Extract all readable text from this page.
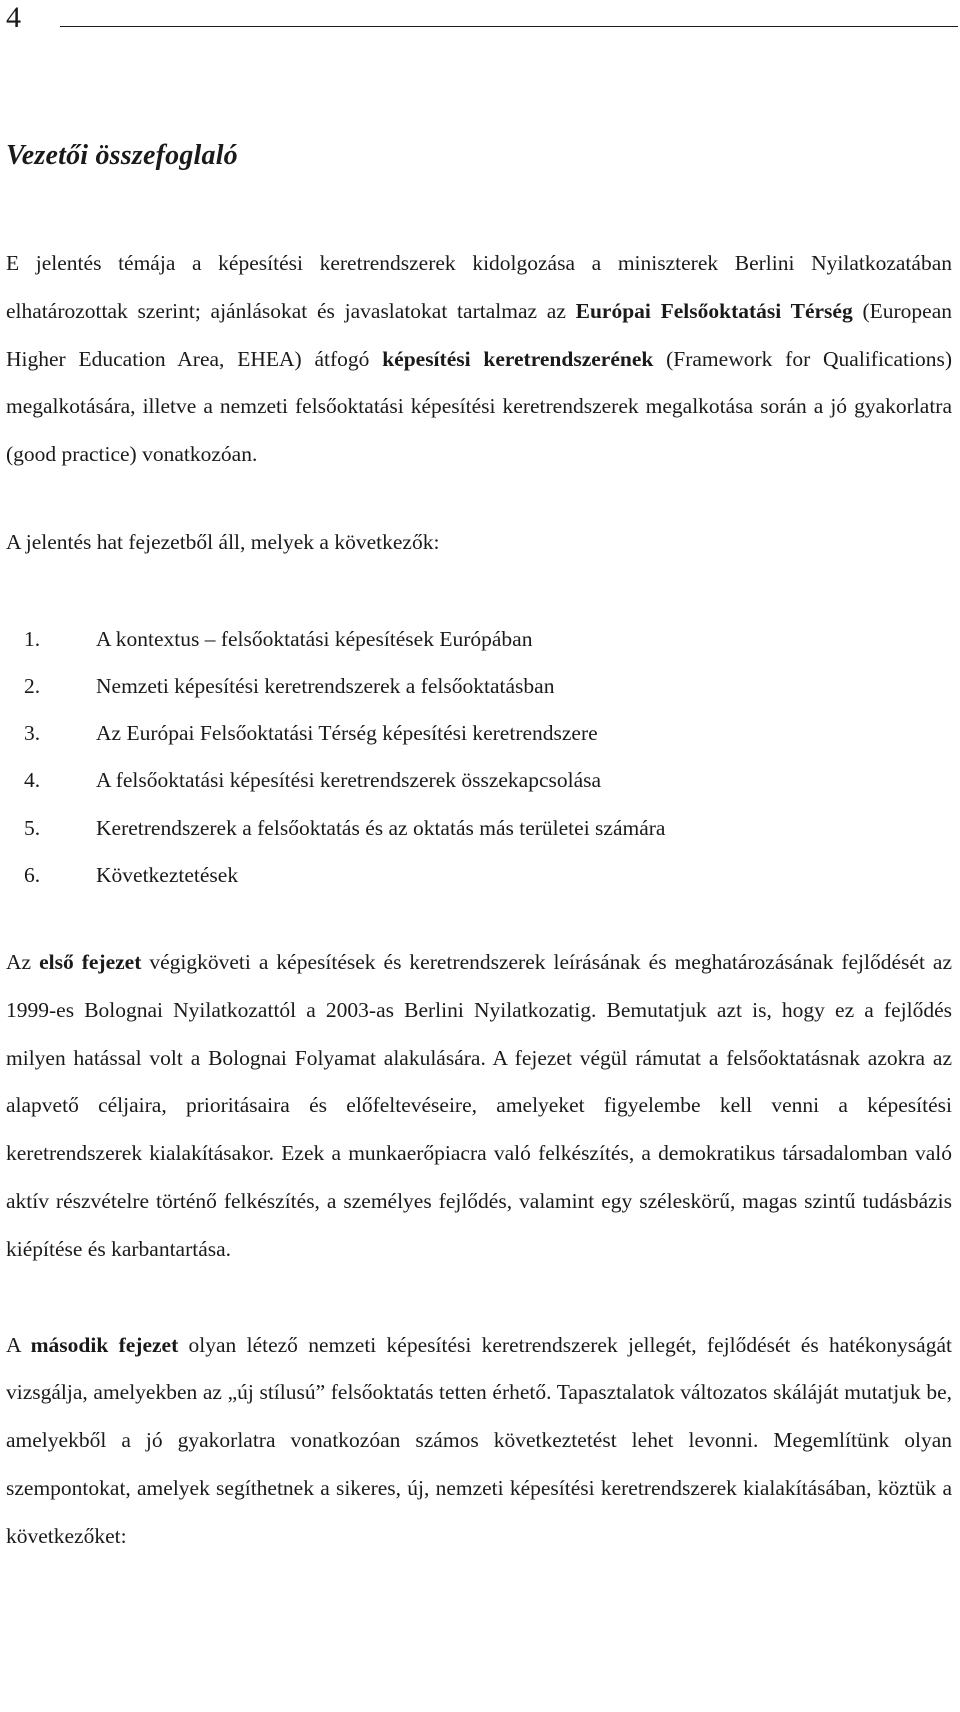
4
Vezetői összefoglaló

E jelentés témája a képesítési keretrendszerek kidolgozása a miniszterek Berlini Nyilatkozatában elhatározottak szerint; ajánlásokat és javaslatokat tartalmaz az Európai Felsőoktatási Térség (European Higher Education Area, EHEA) átfogó képesítési keretrendszerének (Framework for Qualifications) megalkotására, illetve a nemzeti felsőoktatási képesítési keretrendszerek megalkotása során a jó gyakorlatra (good practice) vonatkozóan.

A jelentés hat fejezetből áll, melyek a következők:

1.	A kontextus – felsőoktatási képesítések Európában
2.	Nemzeti képesítési keretrendszerek a felsőoktatásban
3.	Az Európai Felsőoktatási Térség képesítési keretrendszere
4.	A felsőoktatási képesítési keretrendszerek összekapcsolása
5.	Keretrendszerek a felsőoktatás és az oktatás más területei számára
6.	Következtetések

Az első fejezet végigköveti a képesítések és keretrendszerek leírásának és meghatározásának fejlődését az 1999-es Bolognai Nyilatkozattól a 2003-as Berlini Nyilatkozatig. Bemutatjuk azt is, hogy ez a fejlődés milyen hatással volt a Bolognai Folyamat alakulására. A fejezet végül rámutat a felsőoktatásnak azokra az alapvető céljaira, prioritásaira és előfeltevéseire, amelyeket figyelembe kell venni a képesítési keretrendszerek kialakításakor. Ezek a munkaerőpiacra való felkészítés, a demokratikus társadalomban való aktív részvételre történő felkészítés, a személyes fejlődés, valamint egy széleskörű, magas szintű tudásbázis kiépítése és karbantartása.

A második fejezet olyan létező nemzeti képesítési keretrendszerek jellegét, fejlődését és hatékonyságát vizsgálja, amelyekben az „új stílusú” felsőoktatás tetten érhető. Tapasztalatok változatos skáláját mutatjuk be, amelyekből a jó gyakorlatra vonatkozóan számos következtetést lehet levonni. Megemlítünk olyan szempontokat, amelyek segíthetnek a sikeres, új, nemzeti képesítési keretrendszerek kialakításában, köztük a következőket:
